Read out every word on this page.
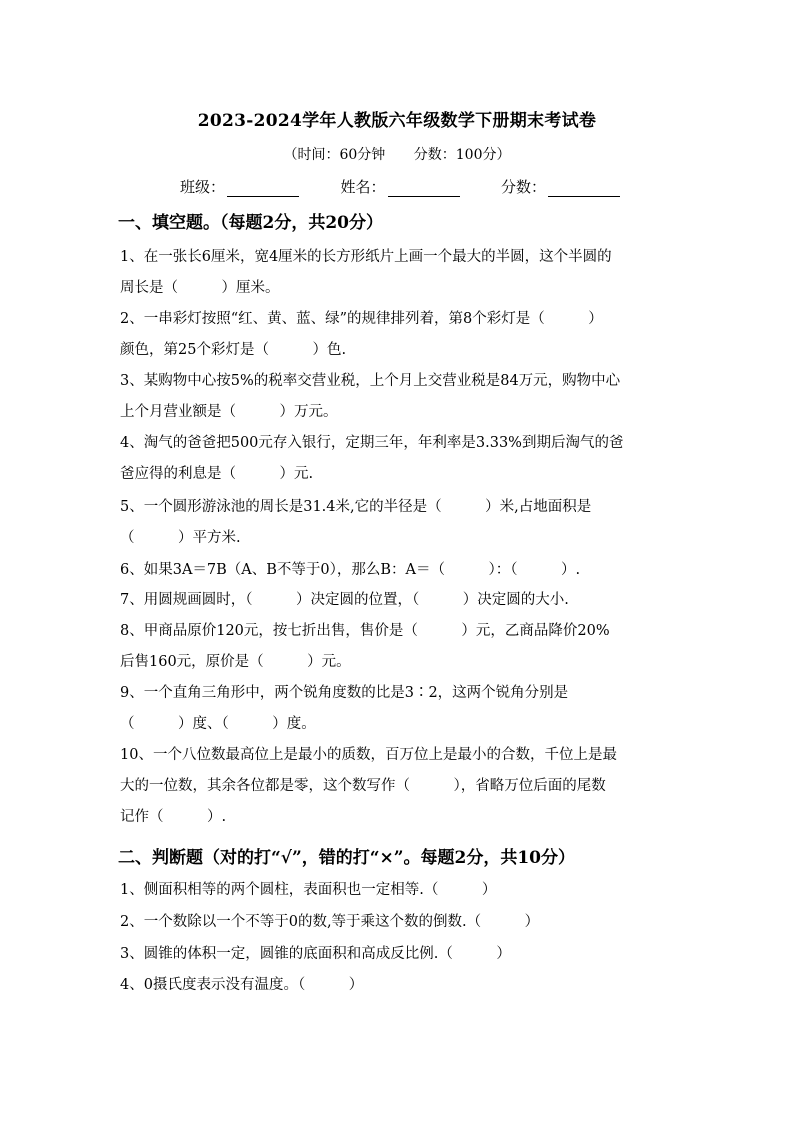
2023-2024学年人教版六年级数学下册期末考试卷
（时间：60分钟 分数：100分）
班级：	姓名：	分数：
一、填空题。（每题2分，共20分）
1、在一张长6厘米，宽4厘米的长方形纸片上画一个最大的半圆，这个半圆的
周长是（　　　）厘米。
2、一串彩灯按照“红、黄、蓝、绿”的规律排列着，第8个彩灯是（　　　）
颜色，第25个彩灯是（　　　）色.
3、某购物中心按5%的税率交营业税，上个月上交营业税是84万元，购物中心
上个月营业额是（　　　）万元。
4、淘气的爸爸把500元存入银行，定期三年，年利率是3.33%到期后淘气的爸
爸应得的利息是（　　　）元.
5、一个圆形游泳池的周长是31.4米,它的半径是（　　　）米,占地面积是
（　　　）平方米.
6、如果3A＝7B（A、B不等于0），那么B：A＝（　　　）：（　　　）.
7、用圆规画圆时，（　　　）决定圆的位置，（　　　）决定圆的大小.
8、甲商品原价120元，按七折出售，售价是（　　　）元，乙商品降价20%
后售160元，原价是（　　　）元。
9、一个直角三角形中，两个锐角度数的比是3∶2，这两个锐角分别是
（　　　）度、（　　　）度。
10、一个八位数最高位上是最小的质数，百万位上是最小的合数，千位上是最
大的一位数，其余各位都是零，这个数写作（　　　），省略万位后面的尾数
记作（　　　）.
二、判断题（对的打“√”，错的打“×”。每题2分，共10分）
1、侧面积相等的两个圆柱，表面积也一定相等.（　　　）
2、一个数除以一个不等于0的数,等于乘这个数的倒数.（　　　）
3、圆锥的体积一定，圆锥的底面积和高成反比例.（　　　）
4、0摄氏度表示没有温度。（　　　）
